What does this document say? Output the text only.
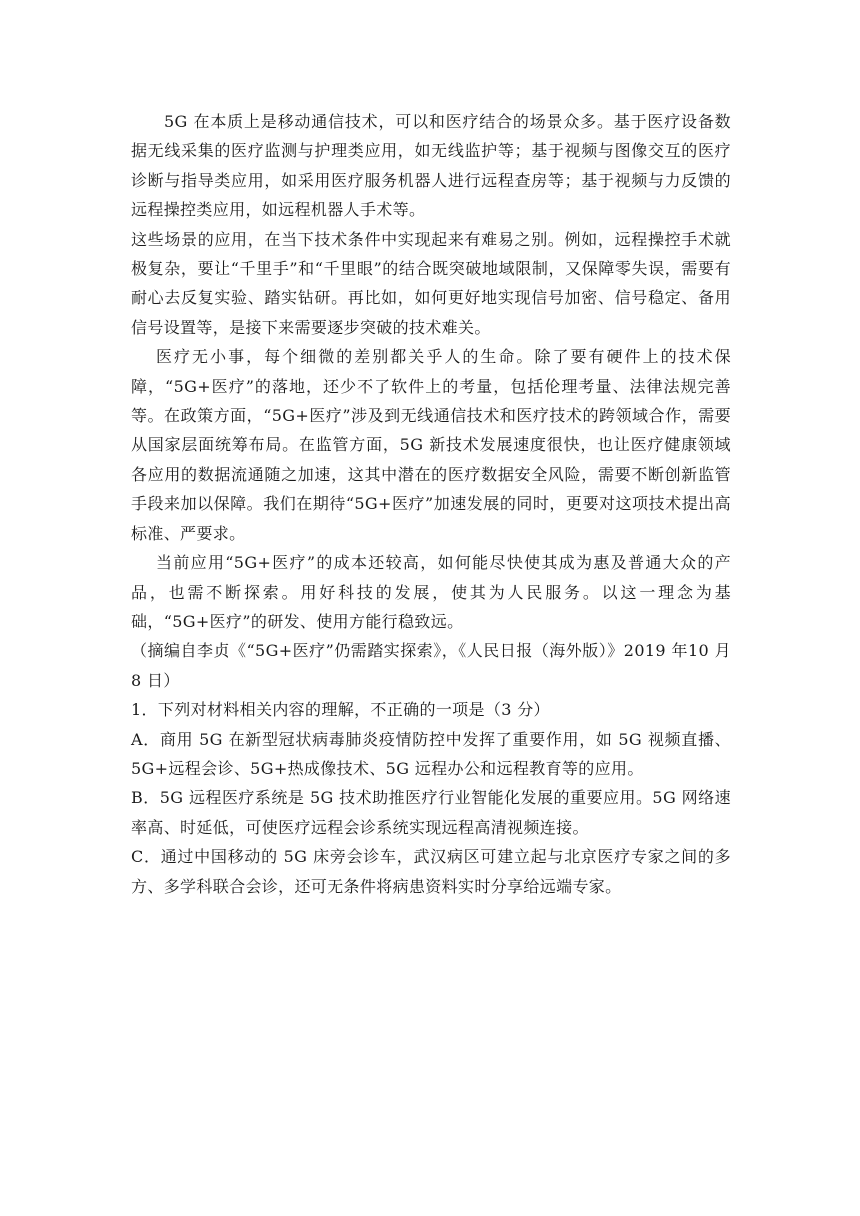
5G 在本质上是移动通信技术，可以和医疗结合的场景众多。基于医疗设备数据无线采集的医疗监测与护理类应用，如无线监护等；基于视频与图像交互的医疗诊断与指导类应用，如采用医疗服务机器人进行远程查房等；基于视频与力反馈的远程操控类应用，如远程机器人手术等。

这些场景的应用，在当下技术条件中实现起来有难易之别。例如，远程操控手术就极复杂，要让“千里手”和“千里眼”的结合既突破地域限制，又保障零失误，需要有耐心去反复实验、踏实钻研。再比如，如何更好地实现信号加密、信号稳定、备用信号设置等，是接下来需要逐步突破的技术难关。

医疗无小事，每个细微的差别都关乎人的生命。除了要有硬件上的技术保障，“5G+医疗”的落地，还少不了软件上的考量，包括伦理考量、法律法规完善等。在政策方面，“5G+医疗”涉及到无线通信技术和医疗技术的跨领域合作，需要从国家层面统筹布局。在监管方面，5G 新技术发展速度很快，也让医疗健康领域各应用的数据流通随之加速，这其中潜在的医疗数据安全风险，需要不断创新监管手段来加以保障。我们在期待“5G+医疗”加速发展的同时，更要对这项技术提出高标准、严要求。

当前应用“5G+医疗”的成本还较高，如何能尽快使其成为惠及普通大众的产品，也需不断探索。用好科技的发展，使其为人民服务。以这一理念为基础，“5G+医疗”的研发、使用方能行稳致远。

（摘编自李贞《“5G+医疗”仍需踏实探索》，《人民日报（海外版）》2019 年10 月 8 日）

1．下列对材料相关内容的理解，不正确的一项是（3 分）

A．商用 5G 在新型冠状病毒肺炎疫情防控中发挥了重要作用，如 5G 视频直播、5G+远程会诊、5G+热成像技术、5G 远程办公和远程教育等的应用。

B．5G 远程医疗系统是 5G 技术助推医疗行业智能化发展的重要应用。5G 网络速率高、时延低，可使医疗远程会诊系统实现远程高清视频连接。

C．通过中国移动的 5G 床旁会诊车，武汉病区可建立起与北京医疗专家之间的多方、多学科联合会诊，还可无条件将病患资料实时分享给远端专家。
